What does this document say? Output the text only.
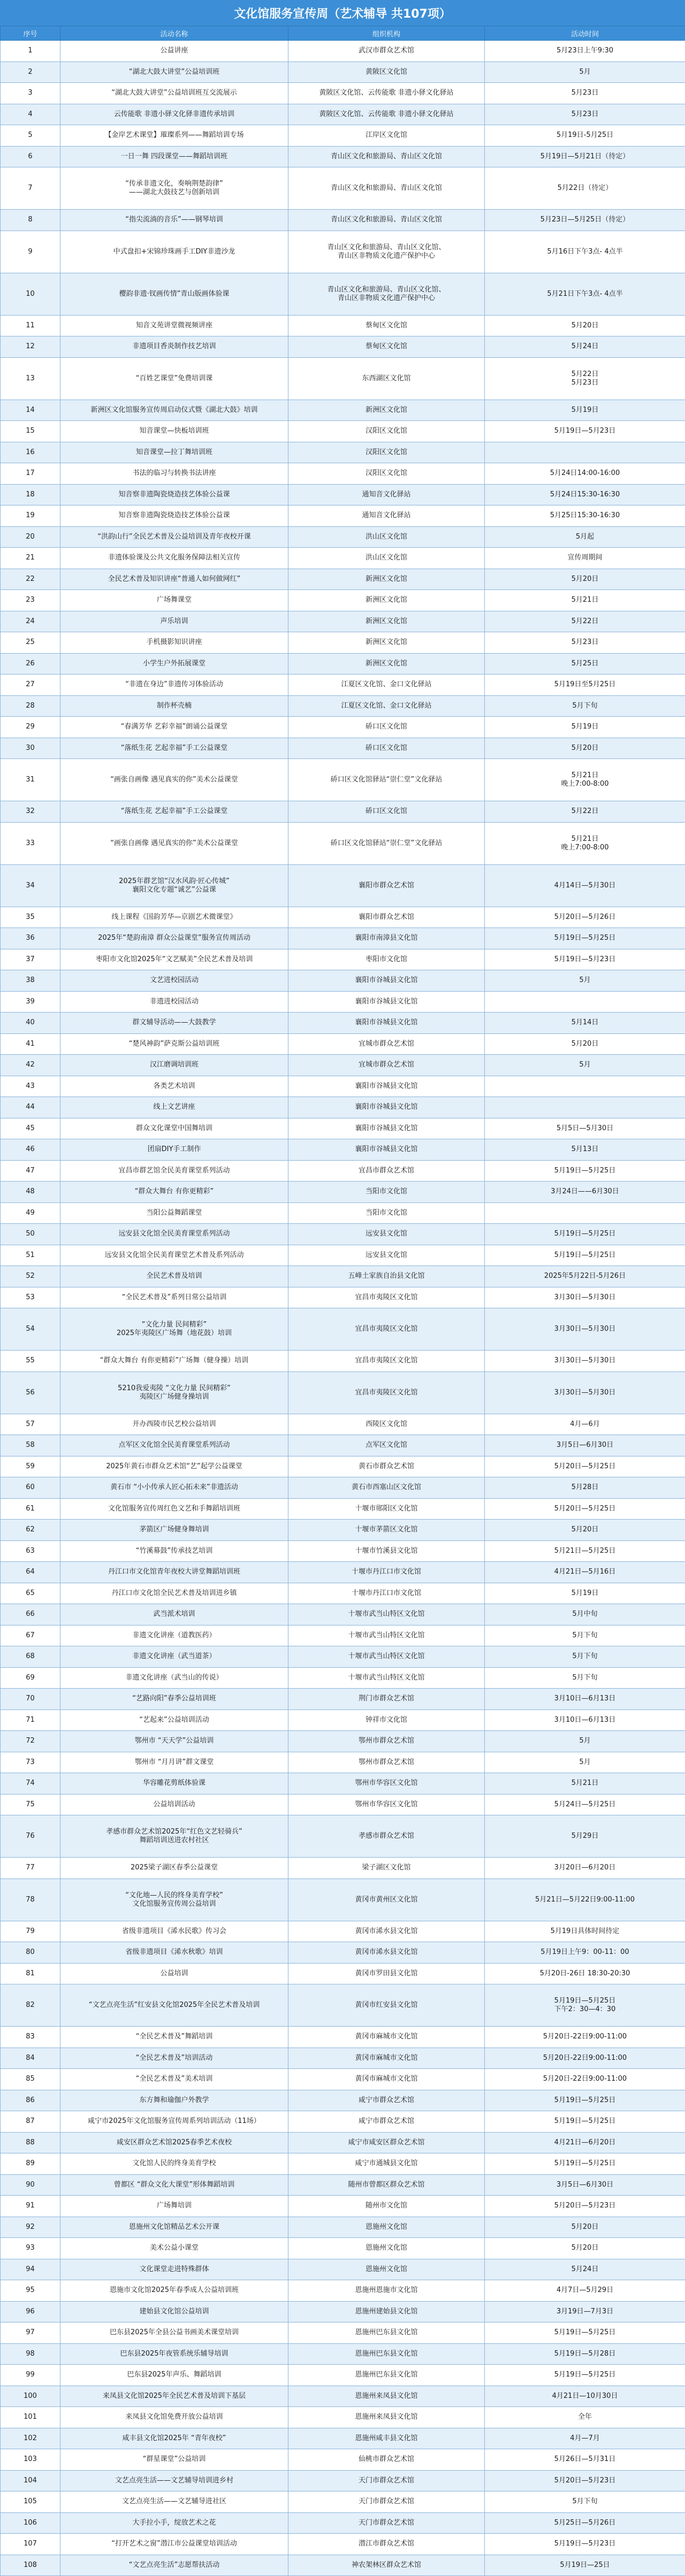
文化馆服务宣传周（艺术辅导 共107项）
序号	活动名称	组织机构	活动时间
1	公益讲座	武汉市群众艺术馆	5月23日上午9:30
2	“湖北大鼓大讲堂”公益培训班	黄陂区文化馆	5月
3	“湖北大鼓大讲堂”公益培训班互交流展示	黄陂区文化馆、云传能歌 非遗小驿文化驿站	5月23日
4	云传能歌 非遗小驿文化驿非遗传承培训	黄陂区文化馆、云传能歌 非遗小驿文化驿站	5月23日
5	【金岸艺术课堂】璀璨系列——舞蹈培训专场	江岸区文化馆	5月19日-5月25日
6	一日一舞 四段课堂——舞蹈培训班	青山区文化和旅游局、青山区文化馆	5月19日—5月21日（待定）
7	“传承非遗文化，奏响荆楚韵律”
——湖北大鼓技艺与创新培训	青山区文化和旅游局、青山区文化馆	5月22日（待定）
8	“指尖流淌的音乐”——钢琴培训	青山区文化和旅游局、青山区文化馆	5月23日—5月25日（待定）
9	中式盘扣+宋锦珍珠画手工DIY非遗沙龙	青山区文化和旅游局、青山区文化馆、
青山区非物质文化遗产保护中心	5月16日下午3点- 4点半
10	樱韵非遗·钗画传情”青山版画体验课	青山区文化和旅游局、青山区文化馆、
青山区非物质文化遗产保护中心	5月21日下午3点- 4点半
11	知音文苑讲堂微视频讲座	蔡甸区文化馆	5月20日
12	非遗项目香炎制作技艺培训	蔡甸区文化馆	5月24日
13	“百姓艺课堂”免费培训课	东西湖区文化馆	5月22日
5月23日
14	新洲区文化馆服务宣传周启动仪式暨《湖北大鼓》培训	新洲区文化馆	5月19日
15	知音课堂—快板培训班	汉阳区文化馆	5月19日—5月23日
16	知音课堂—拉丁舞培训班	汉阳区文化馆	
17	书法的临习与转换书法讲座	汉阳区文化馆	5月24日14:00-16:00
18	知音察非遗陶瓷烧造技艺体验公益课	通知音文化驿站	5月24日15:30-16:30
19	知音察非遗陶瓷烧造技艺体验公益课	通知音文化驿站	5月25日15:30-16:30
20	“洪韵山行”全民艺术普及公益培训及青年夜校开课	洪山区文化馆	5月起
21	非遗体验课及公共文化服务保障法相关宣传	洪山区文化馆	宣传周期间
22	全民艺术普及知识讲座“普通人如何做网红”	新洲区文化馆	5月20日
23	广场舞课堂	新洲区文化馆	5月21日
24	声乐培训	新洲区文化馆	5月22日
25	手机摄影知识讲座	新洲区文化馆	5月23日
26	小学生户外拓展课堂	新洲区文化馆	5月25日
27	“非遗在身边”非遗传习体验活动	江夏区文化馆、金口文化驿站	5月19日至5月25日
28	制作杯壳楠	江夏区文化馆、金口文化驿站	5月下旬
29	“春满芳华 艺彩幸福”朗诵公益课堂	硚口区文化馆	5月19日
30	“落纸生花 艺起幸福”手工公益课堂	硚口区文化馆	5月20日
31	“画张自画像 遇见真实的你”美术公益课堂	硚口区文化馆驿站“崇仁堂”文化驿站	5月21日
晚上7:00-8:00
32	“落纸生花 艺起幸福”手工公益课堂	硚口区文化馆	5月22日
33	“画张自画像 遇见真实的你”美术公益课堂	硚口区文化馆驿站“崇仁堂”文化驿站	5月21日
晚上7:00-8:00
34	2025年群艺馆“汉水风韵·匠心传城”
襄阳文化专题“诚艺”公益课	襄阳市群众艺术馆	4月14日—5月30日
35	线上课程《国韵芳华—京剧艺术微课堂》	襄阳市群众艺术馆	5月20日—5月26日
36	2025年“楚韵南漳 群众公益课堂”服务宣传周活动	襄阳市南漳县文化馆	5月19日—5月25日
37	枣阳市文化馆2025年“文艺赋美”全民艺术普及培训	枣阳市文化馆	5月19日—5月23日
38	文艺进校园活动	襄阳市谷城县文化馆	5月
39	非遗进校园活动	襄阳市谷城县文化馆	
40	群文辅导活动——大鼓教学	襄阳市谷城县文化馆	5月14日
41	“楚风神韵”萨克斯公益培训班	宜城市群众艺术馆	5月20日
42	汉江磨调培训班	宜城市群众艺术馆	5月
43	各类艺术培训	襄阳市谷城县文化馆	
44	线上文艺讲座	襄阳市谷城县文化馆	
45	群众文化课堂中国舞培训	襄阳市谷城县文化馆	5月5日—5月30日
46	团扇DIY手工制作	襄阳市谷城县文化馆	5月13日
47	宜昌市群艺馆全民美育课堂系列活动	宜昌市群众艺术馆	5月19日—5月25日
48	“群众大舞台 有你更精彩”	当阳市文化馆	3月24日——6月30日
49	当阳公益舞蹈课堂	当阳市文化馆	
50	远安县文化馆全民美育课堂系列活动	远安县文化馆	5月19日—5月25日
51	远安县文化馆全民美育课堂艺术普及系列活动	远安县文化馆	5月19日—5月25日
52	全民艺术普及培训	五峰土家族自治县文化馆	2025年5月22日-5月26日
53	“全民艺术普及”系列日常公益培训	宜昌市夷陵区文化馆	3月30日—5月30日
54	“文化力量 民间精彩”
2025年夷陵区广场舞（地花鼓）培训	宜昌市夷陵区文化馆	3月30日—5月30日
55	“群众大舞台 有你更精彩”广场舞（健身操）培训	宜昌市夷陵区文化馆	3月30日—5月30日
56	5210我爱夷陵 “文化力量 民间精彩”
夷陵区广场健身操培训	宜昌市夷陵区文化馆	3月30日—5月30日
57	开办西陵市民艺校公益培训	西陵区文化馆	4月—6月
58	点军区文化馆全民美育课堂系列活动	点军区文化馆	3月5日—6月30日
59	2025年黄石市群众艺术馆“艺”起学公益课堂	黄石市群众艺术馆	5月20日—5月25日
60	黄石市 “小小传承人匠心拓未来”非遗活动	黄石市西塞山区文化馆	5月28日
61	文化馆服务宣传周红色文艺和手舞蹈培训班	十堰市郧阳区文化馆	5月20日—5月25日
62	茅箭区广场健身舞培训	十堰市茅箭区文化馆	5月20日
63	“竹溪幕鼓”传承技艺培训	十堰市竹溪县文化馆	5月21日—5月25日
64	丹江口市文化馆青年夜校大讲堂舞蹈培训班	十堰市丹江口市文化馆	4月21日—5月16日
65	丹江口市文化馆全民艺术普及培训进乡镇	十堰市丹江口市文化馆	5月19日
66	武当派术培训	十堰市武当山特区文化馆	5月中旬
67	非遗文化讲座（道教医药）	十堰市武当山特区文化馆	5月下旬
68	非遗文化讲座（武当道茶）	十堰市武当山特区文化馆	5月下旬
69	非遗文化讲座（武当山的传说）	十堰市武当山特区文化馆	5月下旬
70	“艺路向阳”春季公益培训班	荆门市群众艺术馆	3月10日—6月13日
71	“艺起来”公益培训活动	钟祥市文化馆	3月10日—6月13日
72	鄂州市 “天天学”公益培训	鄂州市群众艺术馆	5月
73	鄂州市 “月月讲”群文课堂	鄂州市群众艺术馆	5月
74	华容雕花剪纸体验课	鄂州市华容区文化馆	5月21日
75	公益培训活动	鄂州市华容区文化馆	5月24日—5月25日
76	孝感市群众艺术馆2025年“红色文艺轻骑兵”
舞蹈培训送进农村社区	孝感市群众艺术馆	5月29日
77	2025梁子湖区春季公益课堂	梁子湖区文化馆	3月20日—6月20日
78	“文化地—人民的终身美育学校”
文化馆服务宣传周公益培训	黄冈市黄州区文化馆	5月21日—5月22日9:00-11:00
79	省级非遗项目《浠水民歌》传习会	黄冈市浠水县文化馆	5月19日具体时间待定
80	省级非遗项目《浠水秋歌》培训	黄冈市浠水县文化馆	5月19日上午9：00-11：00
81	公益培训	黄冈市罗田县文化馆	5月20日-26日 18:30-20:30
82	“文艺点亮生活”红安县文化馆2025年全民艺术普及培训	黄冈市红安县文化馆	5月19日—5月25日
下午2：30—4：30
83	“全民艺术普及”舞蹈培训	黄冈市麻城市文化馆	5月20日-22日9:00-11:00
84	“全民艺术普及”培训活动	黄冈市麻城市文化馆	5月20日-22日9:00-11:00
85	“全民艺术普及”美术培训	黄冈市麻城市文化馆	5月20日-22日9:00-11:00
86	东方舞和瑜伽户外教学	咸宁市群众艺术馆	5月19日—5月25日
87	咸宁市2025年文化馆服务宣传周系列培训活动（11场）	咸宁市群众艺术馆	5月19日—5月25日
88	咸安区群众艺术馆2025春季艺术夜校	咸宁市咸安区群众艺术馆	4月21日—6月20日
89	文化馆人民的终身美育学校	咸宁市通城县文化馆	5月19日—5月25日
90	曾都区 “群众文化大课堂”形体舞蹈培训	随州市曾都区群众艺术馆	3月5日—6月30日
91	广场舞培训	随州市文化馆	5月20日—5月23日
92	恩施州文化馆精品艺术公开课	恩施州文化馆	5月20日
93	美术公益小课堂	恩施州文化馆	5月20日
94	文化课堂走进特殊群体	恩施州文化馆	5月24日
95	恩施市文化馆2025年春季成人公益培训班	恩施州恩施市文化馆	4月7日—5月29日
96	建始县文化馆公益培训	恩施州建始县文化馆	3月19日—7月3日
97	巴东县2025年全县公益书画美术课堂培训	恩施州巴东县文化馆	5月19日—5月25日
98	巴东县2025年夜管系统乐辅导培训	恩施州巴东县文化馆	5月19日—5月28日
99	巴东县2025年声乐、舞蹈培训	恩施州巴东县文化馆	5月19日—5月25日
100	来凤县文化馆2025年全民艺术普及培训下基层	恩施州来凤县文化馆	4月21日—10月30日
101	来凤县文化馆免费开放公益培训	恩施州来凤县文化馆	全年
102	咸丰县文化馆2025年 “青年夜校”	恩施州咸丰县文化馆	4月—7月
103	“群星课堂”公益培训	仙桃市群众艺术馆	5月26日—5月31日
104	文艺点亮生活——文艺辅导培训进乡村	天门市群众艺术馆	5月20日—5月23日
105	文艺点亮生活——文艺辅导进社区	天门市群众艺术馆	5月下旬
106	大手拉小手，绽放艺术之花	天门市群众艺术馆	5月25日—5月26日
107	“打开艺术之窗”潜江市公益课堂培训活动	潜江市群众艺术馆	5月19日—5月23日
108	“文艺点亮生活”志愿帮扶活动	神农架林区群众艺术馆	5月19日—25日
